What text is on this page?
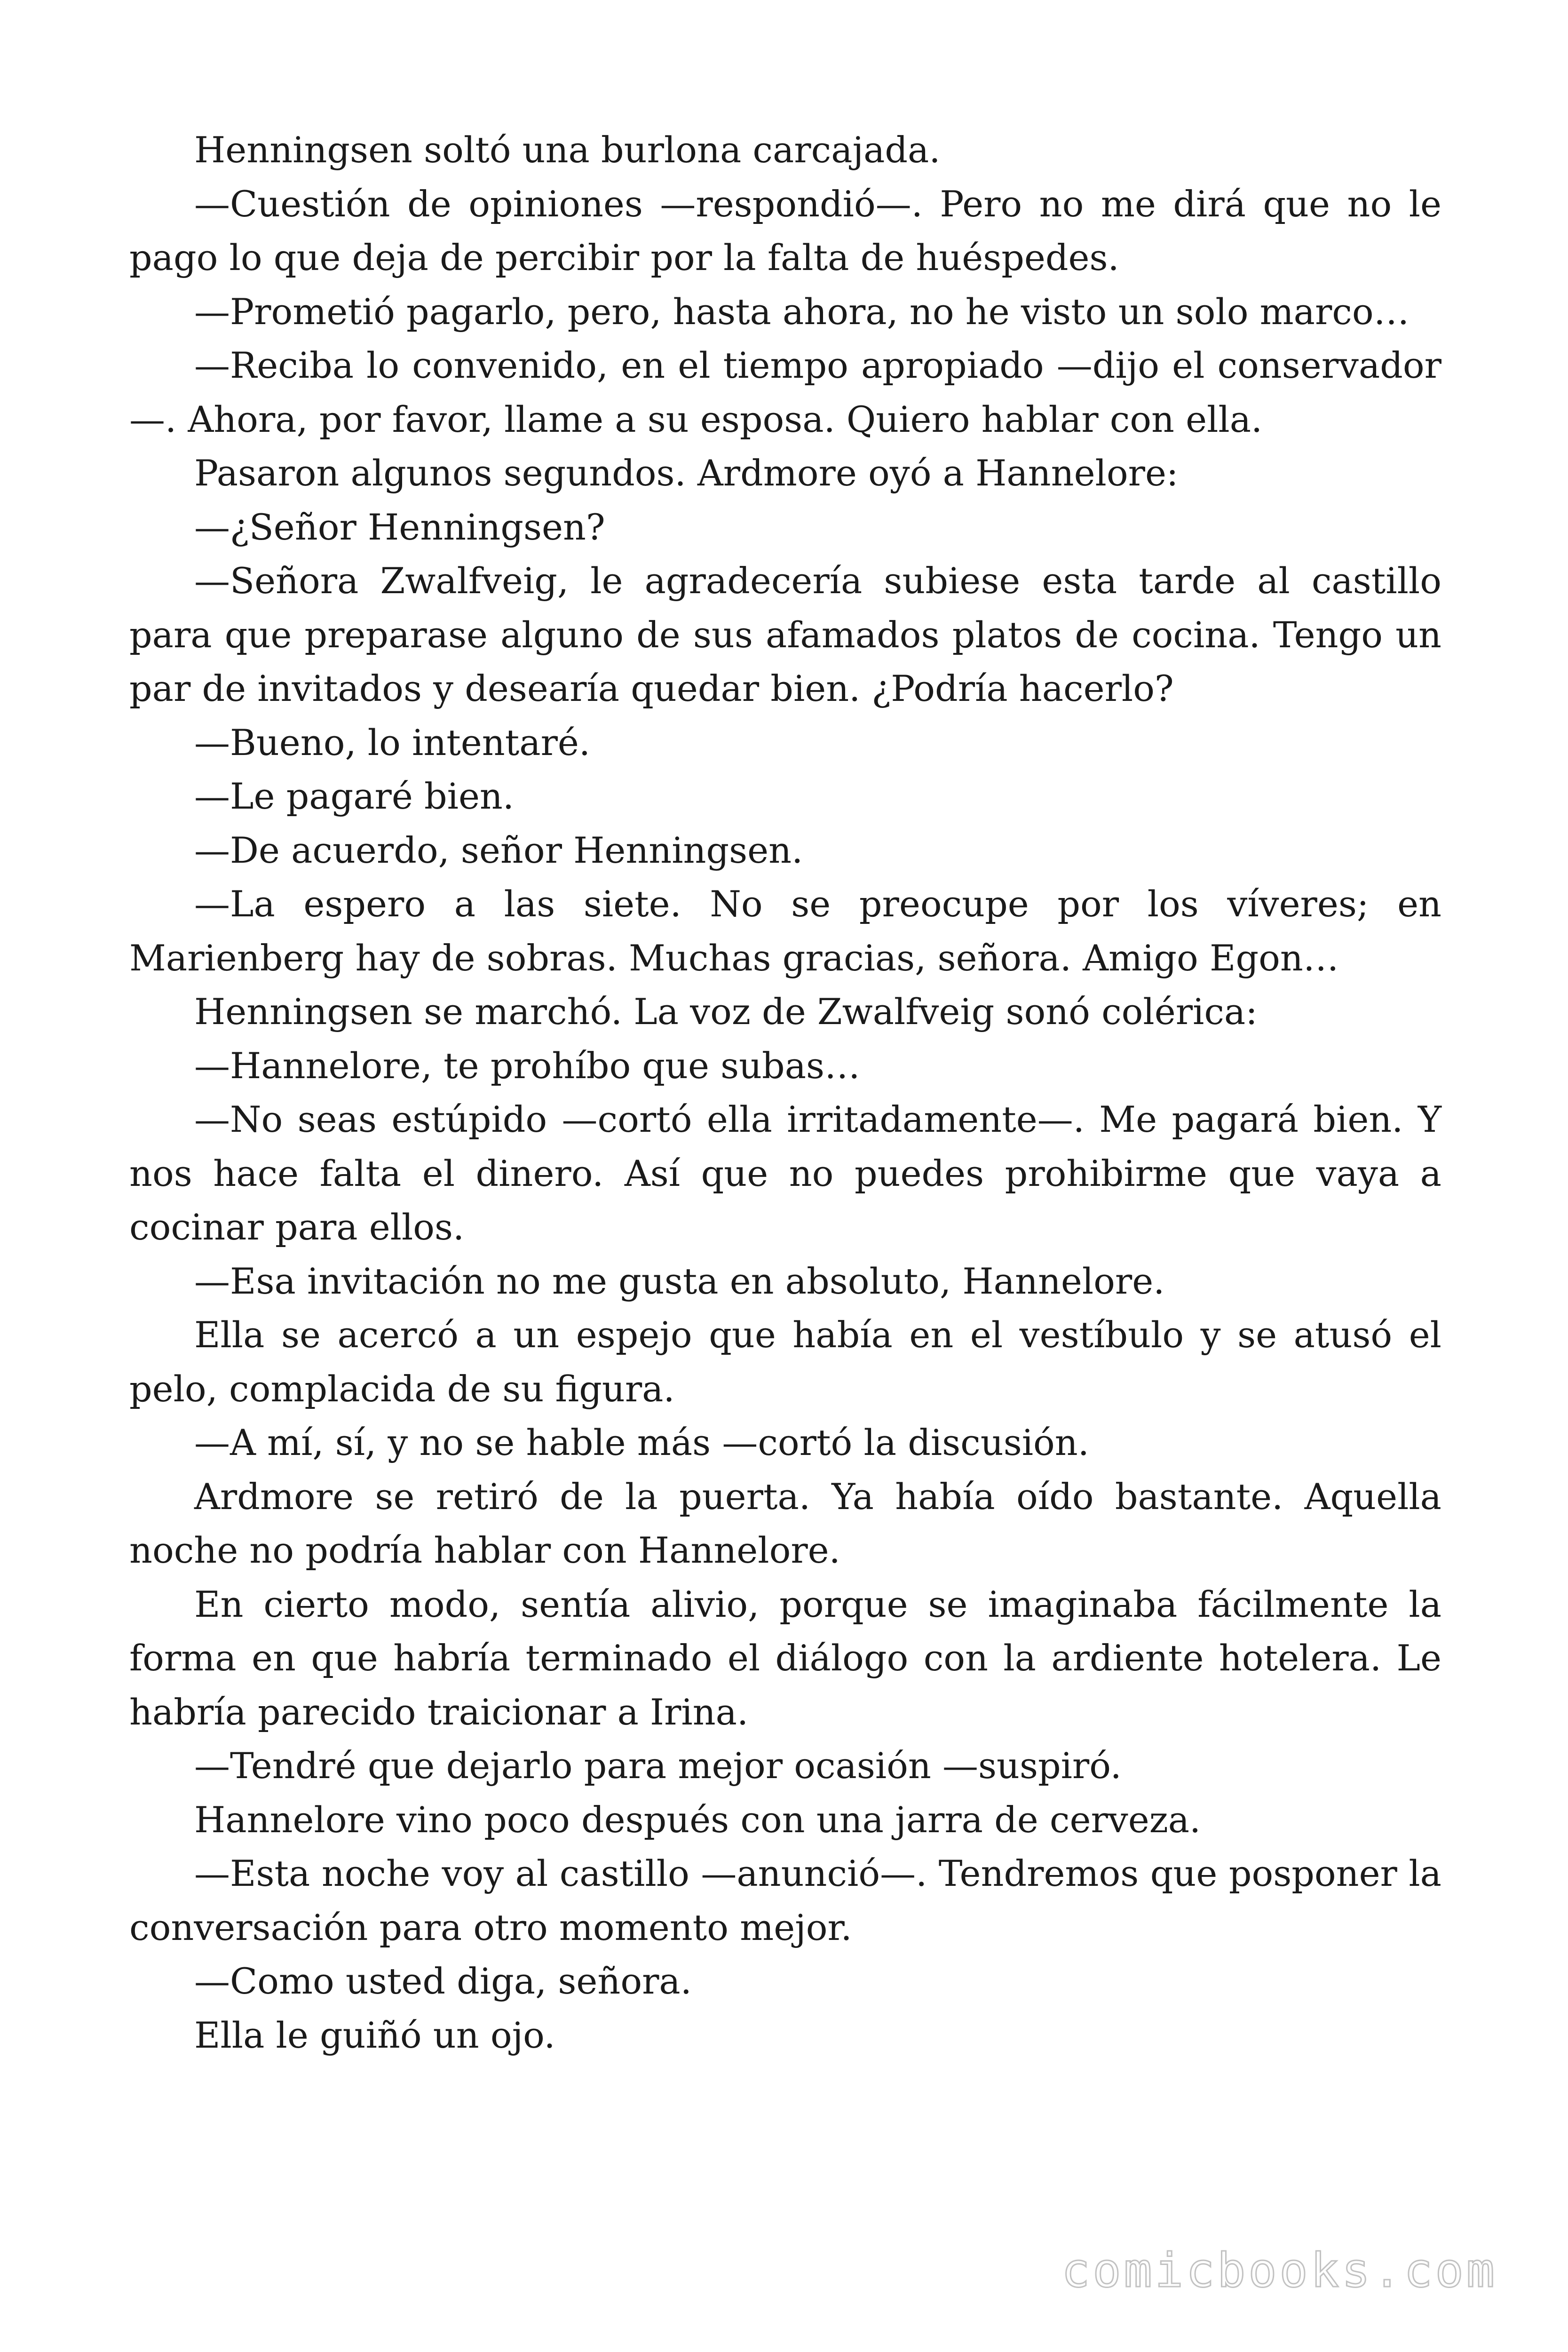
Henningsen soltó una burlona carcajada.

—Cuestión de opiniones —respondió—. Pero no me dirá que no le pago lo que deja de percibir por la falta de huéspedes.

—Prometió pagarlo, pero, hasta ahora, no he visto un solo marco…

—Reciba lo convenido, en el tiempo apropiado —dijo el conservador—. Ahora, por favor, llame a su esposa. Quiero hablar con ella.

Pasaron algunos segundos. Ardmore oyó a Hannelore:

—¿Señor Henningsen?

—Señora Zwalfveig, le agradecería subiese esta tarde al castillo para que preparase alguno de sus afamados platos de cocina. Tengo un par de invitados y desearía quedar bien. ¿Podría hacerlo?

—Bueno, lo intentaré.

—Le pagaré bien.

—De acuerdo, señor Henningsen.

—La espero a las siete. No se preocupe por los víveres; en Marienberg hay de sobras. Muchas gracias, señora. Amigo Egon…

Henningsen se marchó. La voz de Zwalfveig sonó colérica:

—Hannelore, te prohíbo que subas…

—No seas estúpido —cortó ella irritadamente—. Me pagará bien. Y nos hace falta el dinero. Así que no puedes prohibirme que vaya a cocinar para ellos.

—Esa invitación no me gusta en absoluto, Hannelore.

Ella se acercó a un espejo que había en el vestíbulo y se atusó el pelo, complacida de su figura.

—A mí, sí, y no se hable más —cortó la discusión.

Ardmore se retiró de la puerta. Ya había oído bastante. Aquella noche no podría hablar con Hannelore.

En cierto modo, sentía alivio, porque se imaginaba fácilmente la forma en que habría terminado el diálogo con la ardiente hotelera. Le habría parecido traicionar a Irina.

—Tendré que dejarlo para mejor ocasión —suspiró.

Hannelore vino poco después con una jarra de cerveza.

—Esta noche voy al castillo —anunció—. Tendremos que posponer la conversación para otro momento mejor.

—Como usted diga, señora.

Ella le guiñó un ojo.

comicbooks.com
